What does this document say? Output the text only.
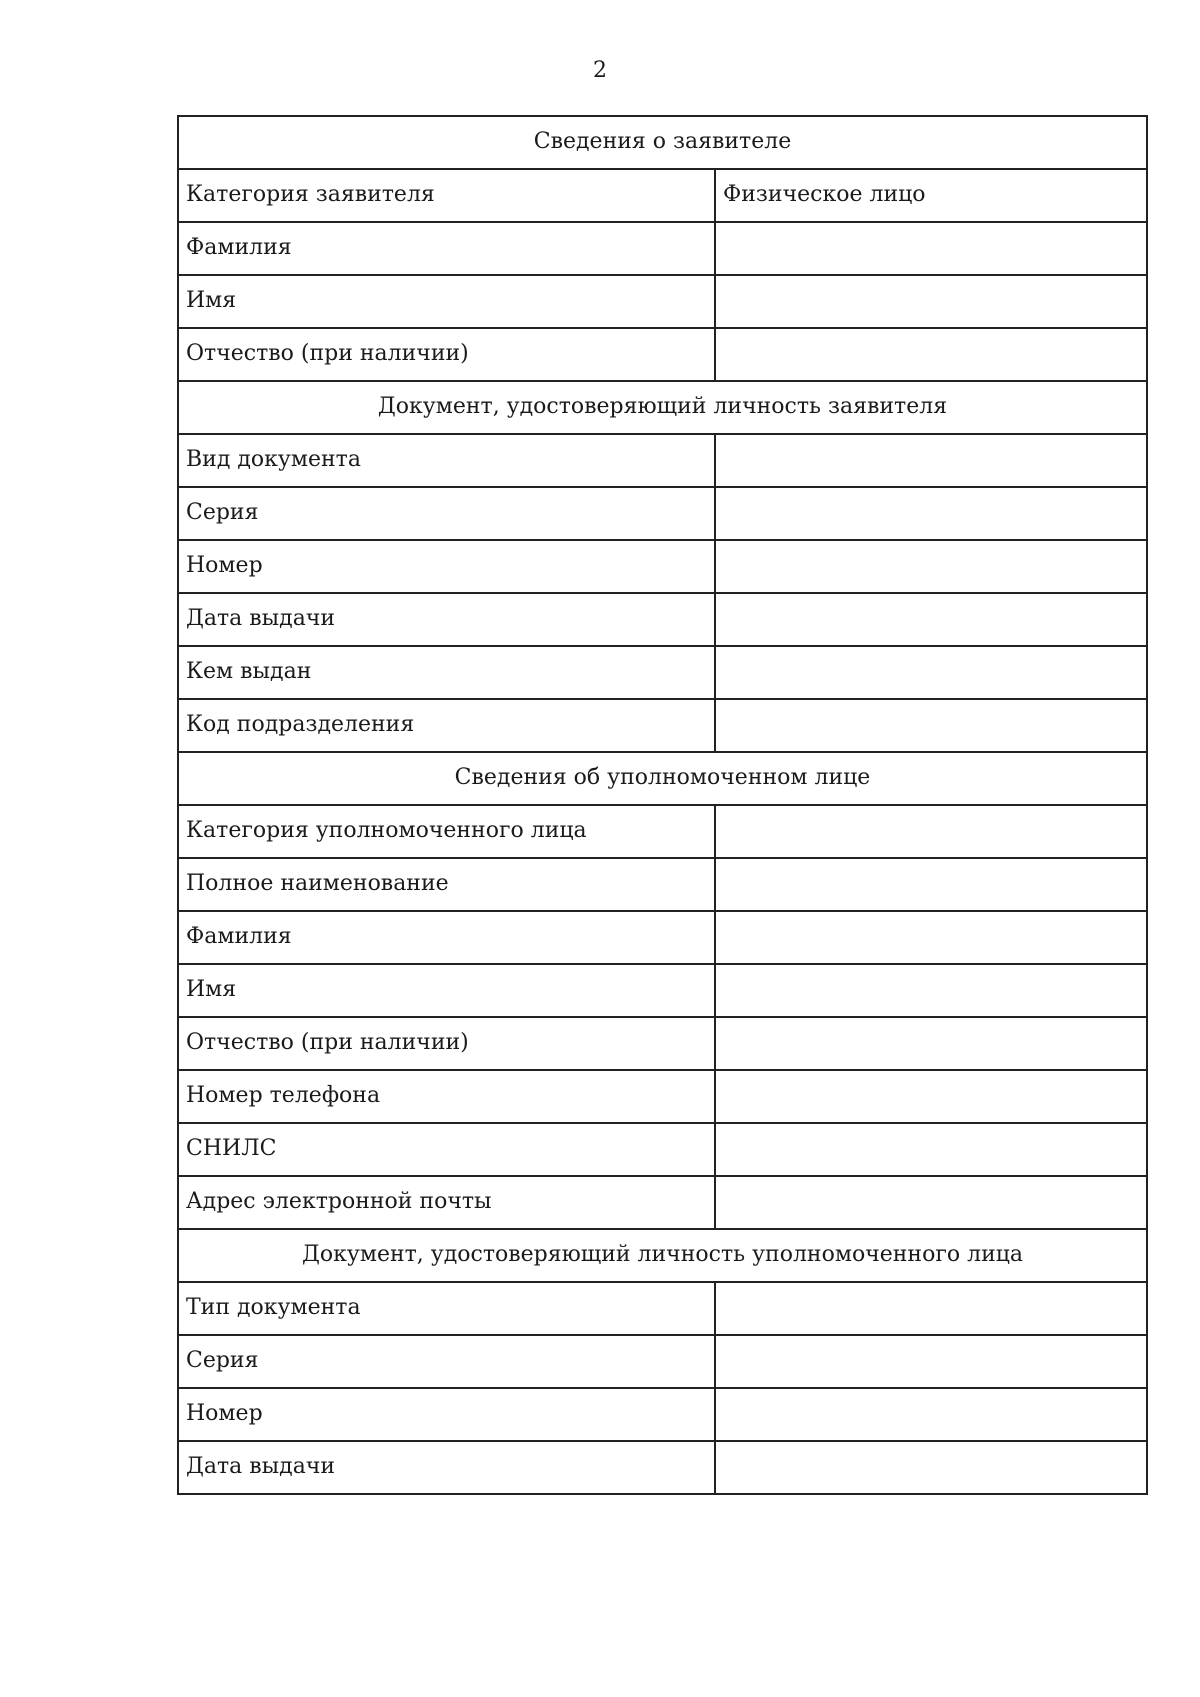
2
Сведения о заявителе	
Категория заявителя	Физическое лицо
Фамилия	
Имя	
Отчество (при наличии)	
Документ, удостоверяющий личность заявителя	
Вид документа	
Серия	
Номер	
Дата выдачи	
Кем выдан	
Код подразделения	
Сведения об уполномоченном лице	
Категория уполномоченного лица	
Полное наименование	
Фамилия	
Имя	
Отчество (при наличии)	
Номер телефона	
СНИЛС	
Адрес электронной почты	
Документ, удостоверяющий личность уполномоченного лица	
Тип документа	
Серия	
Номер	
Дата выдачи	
